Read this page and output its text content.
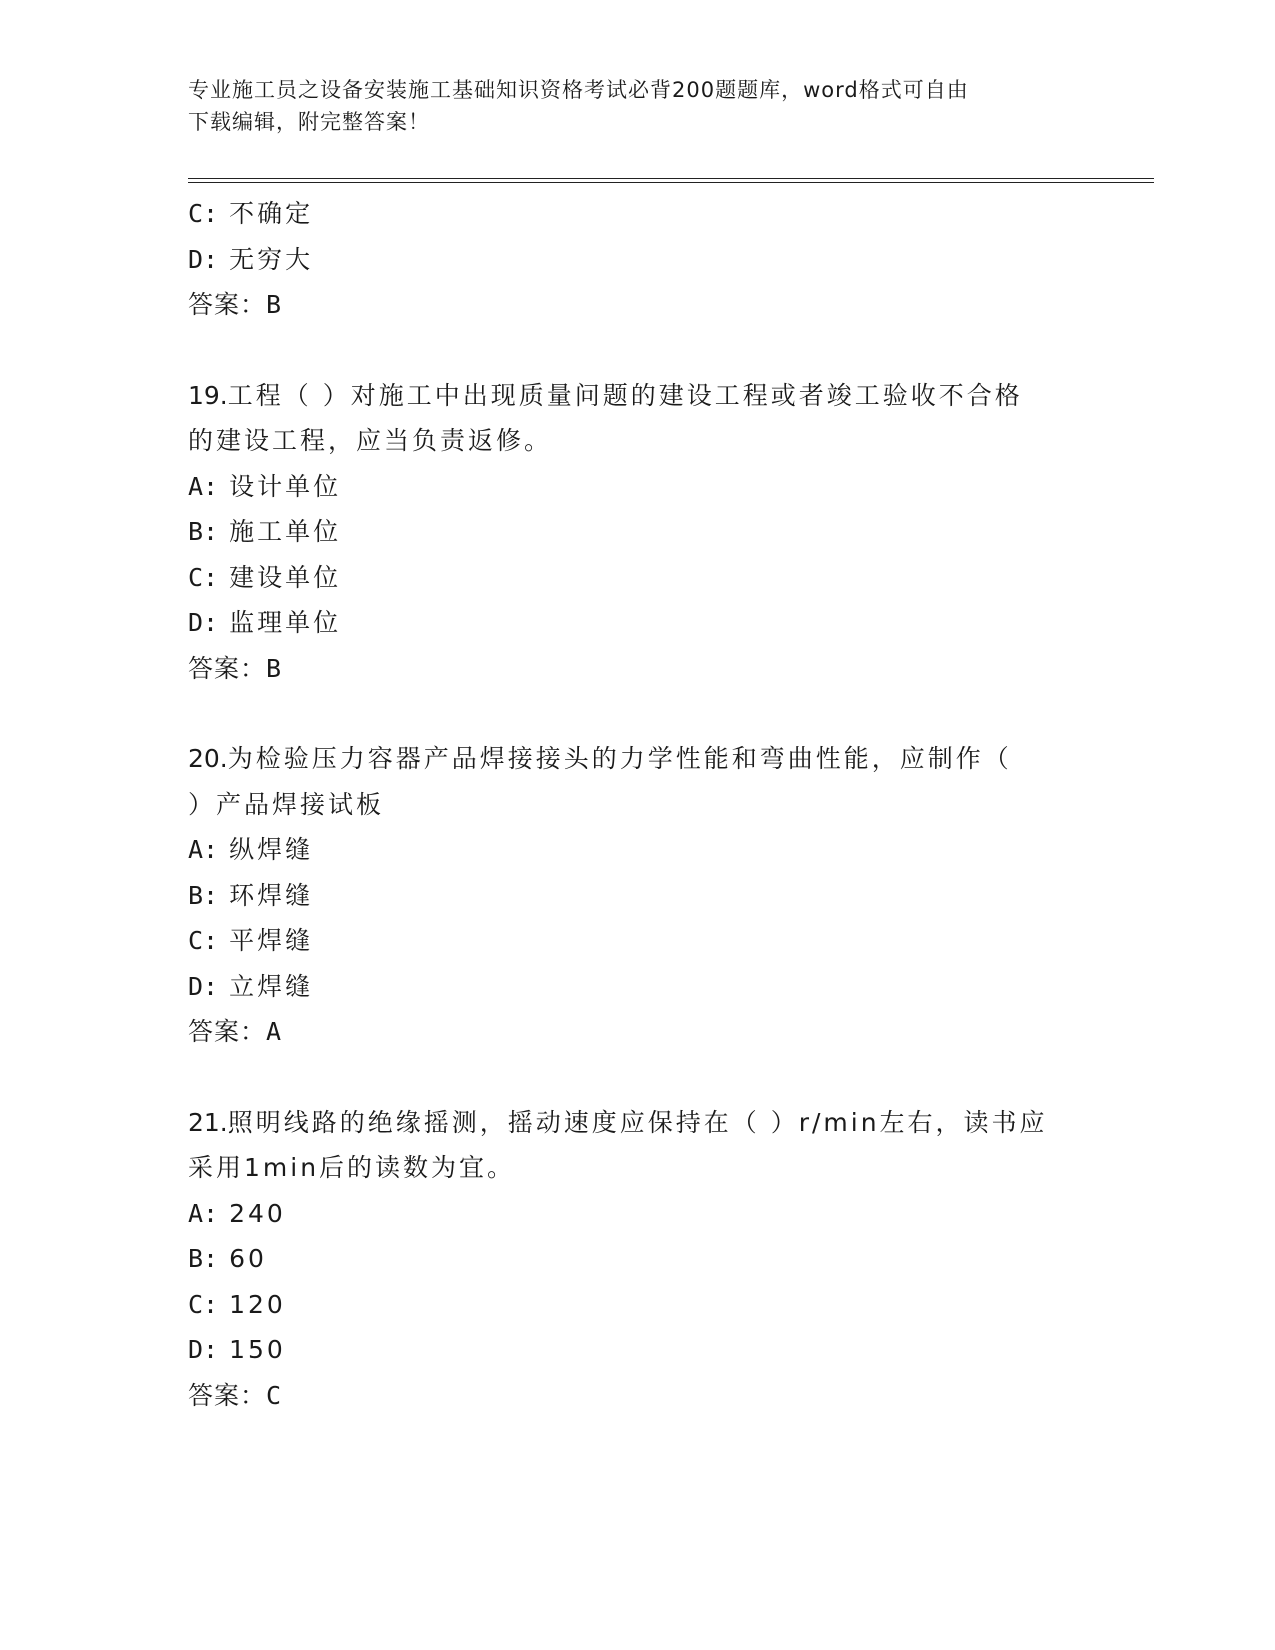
专业施工员之设备安装施工基础知识资格考试必背200题题库，word格式可自由
下载编辑，附完整答案！
C: 不确定
D: 无穷大
答案：B
19.工程（ ）对施工中出现质量问题的建设工程或者竣工验收不合格
的建设工程，应当负责返修。
A: 设计单位
B: 施工单位
C: 建设单位
D: 监理单位
答案：B
20.为检验压力容器产品焊接接头的力学性能和弯曲性能，应制作（
）产品焊接试板
A: 纵焊缝
B: 环焊缝
C: 平焊缝
D: 立焊缝
答案：A
21.照明线路的绝缘摇测，摇动速度应保持在（ ）r/min左右，读书应
采用1min后的读数为宜。
A: 240
B: 60
C: 120
D: 150
答案：C
